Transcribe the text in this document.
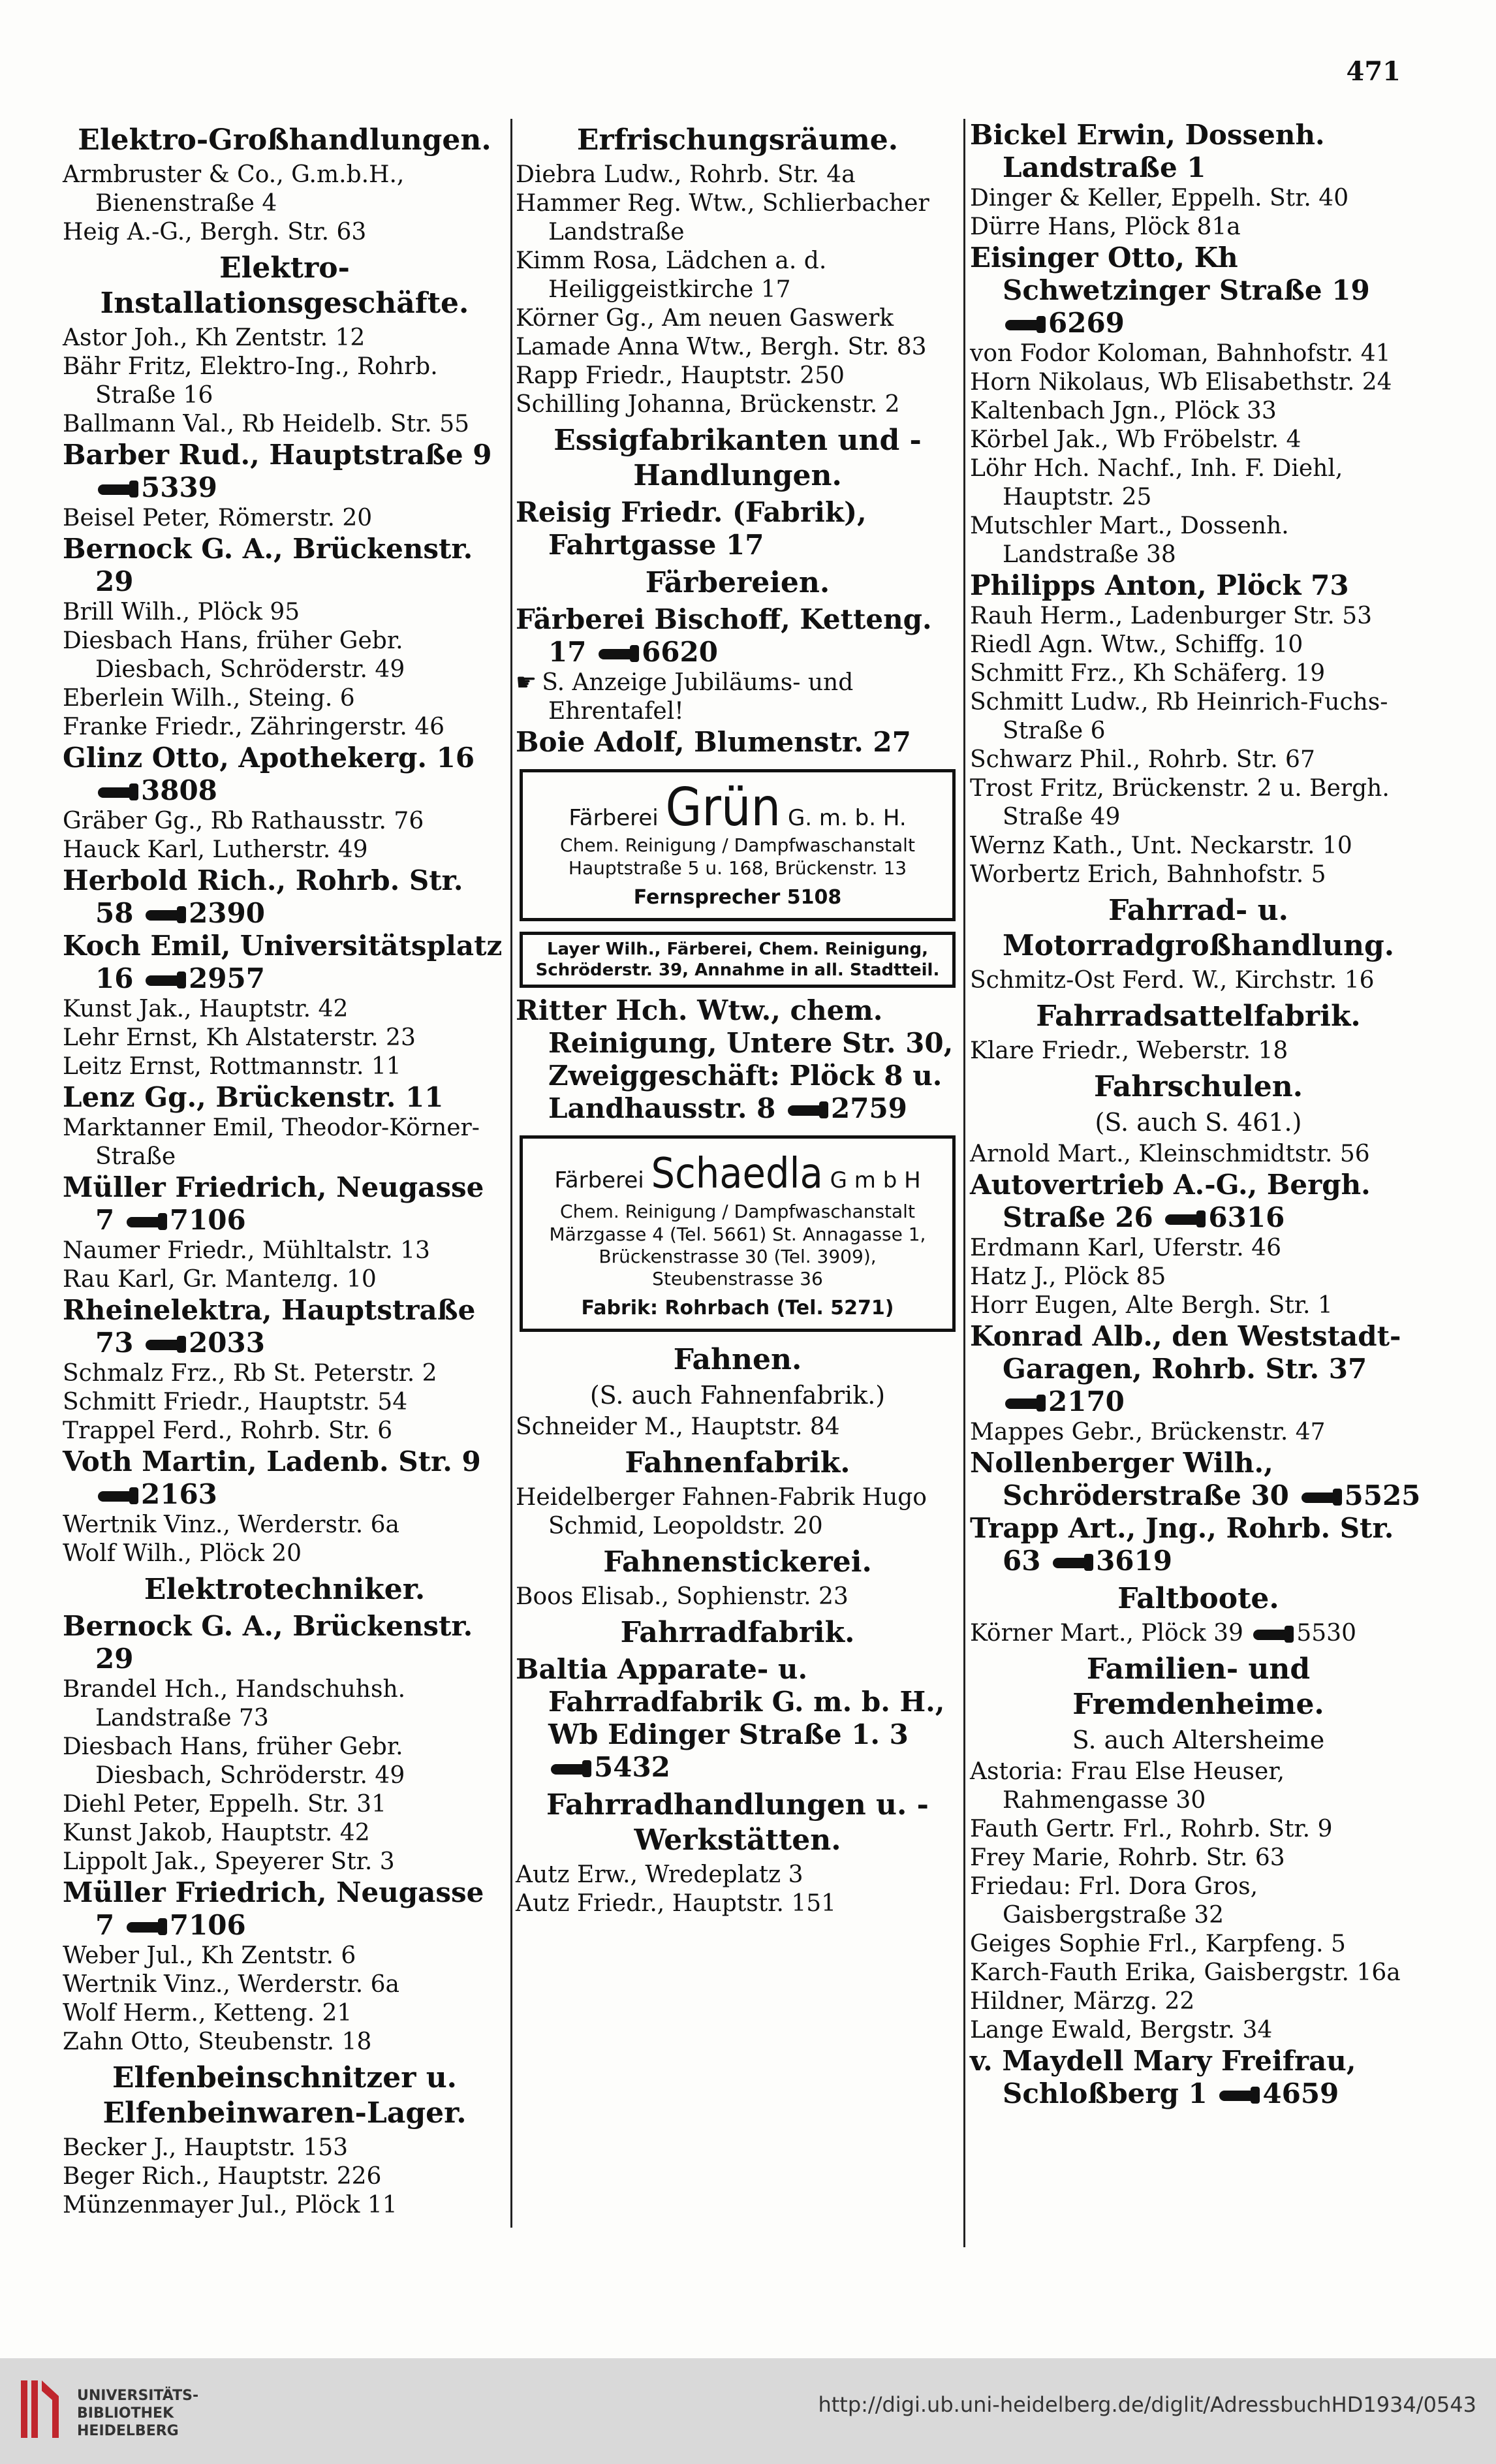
471
Elektro-Großhandlungen.
Armbruster & Co., G.m.b.H., Bienenstraße 4
Heig A.-G., Bergh. Str. 63
Elektro-Installationsgeschäfte.
Astor Joh., Kh Zentstr. 12
Bähr Fritz, Elektro-Ing., Rohrb. Straße 16
Ballmann Val., Rb Heidelb. Str. 55
Barber Rud., Hauptstraße 9 5339
Beisel Peter, Römerstr. 20
Bernock G. A., Brückenstr. 29
Brill Wilh., Plöck 95
Diesbach Hans, früher Gebr. Diesbach, Schröderstr. 49
Eberlein Wilh., Steing. 6
Franke Friedr., Zähringerstr. 46
Glinz Otto, Apothekerg. 16 3808
Gräber Gg., Rb Rathausstr. 76
Hauck Karl, Lutherstr. 49
Herbold Rich., Rohrb. Str. 58 2390
Koch Emil, Universitätsplatz 16 2957
Kunst Jak., Hauptstr. 42
Lehr Ernst, Kh Alstaterstr. 23
Leitz Ernst, Rottmannstr. 11
Lenz Gg., Brückenstr. 11
Marktanner Emil, Theodor-Körner-Straße
Müller Friedrich, Neugasse 7 7106
Naumer Friedr., Mühltalstr. 13
Rau Karl, Gr. Manteлg. 10
Rheinelektra, Hauptstraße 73 2033
Schmalz Frz., Rb St. Peterstr. 2
Schmitt Friedr., Hauptstr. 54
Trappel Ferd., Rohrb. Str. 6
Voth Martin, Ladenb. Str. 9 2163
Wertnik Vinz., Werderstr. 6a
Wolf Wilh., Plöck 20
Elektrotechniker.
Bernock G. A., Brückenstr. 29
Brandel Hch., Handschuhsh. Landstraße 73
Diesbach Hans, früher Gebr. Diesbach, Schröderstr. 49
Diehl Peter, Eppelh. Str. 31
Kunst Jakob, Hauptstr. 42
Lippolt Jak., Speyerer Str. 3
Müller Friedrich, Neugasse 7 7106
Weber Jul., Kh Zentstr. 6
Wertnik Vinz., Werderstr. 6a
Wolf Herm., Ketteng. 21
Zahn Otto, Steubenstr. 18
Elfenbeinschnitzer u. Elfenbeinwaren-Lager.
Becker J., Hauptstr. 153
Beger Rich., Hauptstr. 226
Münzenmayer Jul., Plöck 11
Erfrischungsräume.
Diebra Ludw., Rohrb. Str. 4a
Hammer Reg. Wtw., Schlierbacher Landstraße
Kimm Rosa, Lädchen a. d. Heiliggeistkirche 17
Körner Gg., Am neuen Gaswerk
Lamade Anna Wtw., Bergh. Str. 83
Rapp Friedr., Hauptstr. 250
Schilling Johanna, Brückenstr. 2
Essigfabrikanten und -Handlungen.
Reisig Friedr. (Fabrik), Fahrtgasse 17
Färbereien.
Färberei Bischoff, Ketteng. 17 6620
☛ S. Anzeige Jubiläums- und Ehrentafel!
Boie Adolf, Blumenstr. 27
Färberei Grün G. m. b. H.
Chem. Reinigung / Dampfwaschanstalt
Hauptstraße 5 u. 168, Brückenstr. 13
Fernsprecher 5108
Layer Wilh., Färberei, Chem. Reinigung,
Schröderstr. 39, Annahme in all. Stadtteil.
Ritter Hch. Wtw., chem. Reinigung, Untere Str. 30, Zweiggeschäft: Plöck 8 u. Landhausstr. 8 2759
Färberei Schaedla G m b H
Chem. Reinigung / Dampfwaschanstalt
Märzgasse 4 (Tel. 5661) St. Annagasse 1, Brückenstrasse 30 (Tel. 3909), Steubenstrasse 36
Fabrik: Rohrbach (Tel. 5271)
Fahnen.
(S. auch Fahnenfabrik.)
Schneider M., Hauptstr. 84
Fahnenfabrik.
Heidelberger Fahnen-Fabrik Hugo Schmid, Leopoldstr. 20
Fahnenstickerei.
Boos Elisab., Sophienstr. 23
Fahrradfabrik.
Baltia Apparate- u. Fahrradfabrik G. m. b. H., Wb Edinger Straße 1. 3 5432
Fahrradhandlungen u. -Werkstätten.
Autz Erw., Wredeplatz 3
Autz Friedr., Hauptstr. 151
Bickel Erwin, Dossenh. Landstraße 1
Dinger & Keller, Eppelh. Str. 40
Dürre Hans, Plöck 81a
Eisinger Otto, Kh Schwetzinger Straße 19 6269
von Fodor Koloman, Bahnhofstr. 41
Horn Nikolaus, Wb Elisabethstr. 24
Kaltenbach Jgn., Plöck 33
Körbel Jak., Wb Fröbelstr. 4
Löhr Hch. Nachf., Inh. F. Diehl, Hauptstr. 25
Mutschler Mart., Dossenh. Landstraße 38
Philipps Anton, Plöck 73
Rauh Herm., Ladenburger Str. 53
Riedl Agn. Wtw., Schiffg. 10
Schmitt Frz., Kh Schäferg. 19
Schmitt Ludw., Rb Heinrich-Fuchs-Straße 6
Schwarz Phil., Rohrb. Str. 67
Trost Fritz, Brückenstr. 2 u. Bergh. Straße 49
Wernz Kath., Unt. Neckarstr. 10
Worbertz Erich, Bahnhofstr. 5
Fahrrad- u. Motorradgroßhandlung.
Schmitz-Ost Ferd. W., Kirchstr. 16
Fahrradsattelfabrik.
Klare Friedr., Weberstr. 18
Fahrschulen.
(S. auch S. 461.)
Arnold Mart., Kleinschmidtstr. 56
Autovertrieb A.-G., Bergh. Straße 26 6316
Erdmann Karl, Uferstr. 46
Hatz J., Plöck 85
Horr Eugen, Alte Bergh. Str. 1
Konrad Alb., den Weststadt-Garagen, Rohrb. Str. 37 2170
Mappes Gebr., Brückenstr. 47
Nollenberger Wilh., Schröderstraße 30 5525
Trapp Art., Jng., Rohrb. Str. 63 3619
Faltboote.
Körner Mart., Plöck 39 5530
Familien- und Fremdenheime.
S. auch Altersheime
Astoria: Frau Else Heuser, Rahmengasse 30
Fauth Gertr. Frl., Rohrb. Str. 9
Frey Marie, Rohrb. Str. 63
Friedau: Frl. Dora Gros, Gaisbergstraße 32
Geiges Sophie Frl., Karpfeng. 5
Karch-Fauth Erika, Gaisbergstr. 16a
Hildner, Märzg. 22
Lange Ewald, Bergstr. 34
v. Maydell Mary Freifrau, Schloßberg 1 4659
UNIVERSITÄTS-
BIBLIOTHEK
HEIDELBERG
http://digi.ub.uni-heidelberg.de/diglit/AdressbuchHD1934/0543
